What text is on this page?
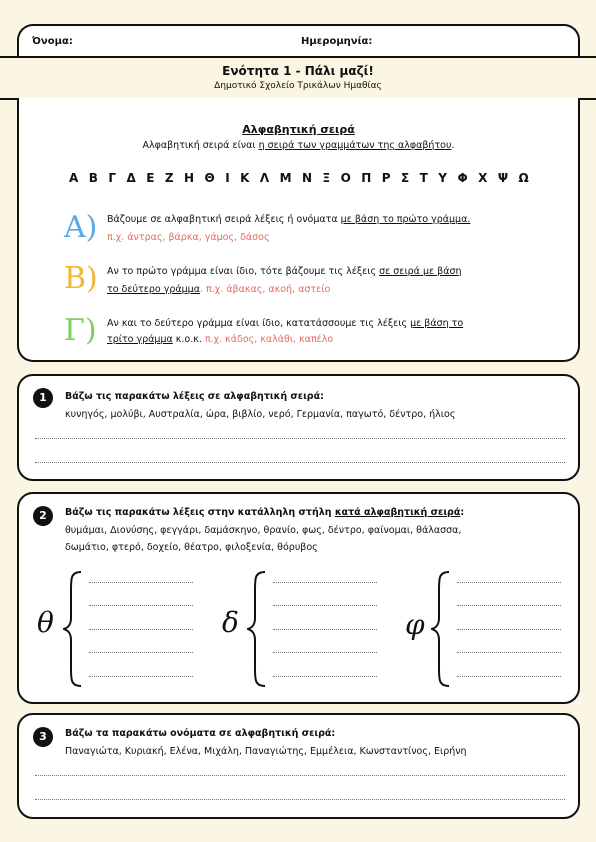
Όνομα:	Ημερομηνία:
Ενότητα 1 - Πάλι μαζί!
Δημοτικό Σχολείο Τρικάλων Ημαθίας
Αλφαβητική σειρά
Αλφαβητική σειρά είναι η σειρά των γραμμάτων της αλφαβήτου.
Α Β Γ Δ Ε Ζ Η Θ Ι Κ Λ Μ Ν Ξ Ο Π Ρ Σ Τ Υ Φ Χ Ψ Ω
Α) Βάζουμε σε αλφαβητική σειρά λέξεις ή ονόματα με βάση το πρώτο γράμμα.
π.χ. άντρας, βάρκα, γάμος, δάσος
Β) Αν το πρώτο γράμμα είναι ίδιο, τότε βάζουμε τις λέξεις σε σειρά με βάση
το δεύτερο γράμμα. π.χ. άβακας, ακοή, αστείο
Γ) Αν και το δεύτερο γράμμα είναι ίδιο, κατατάσσουμε τις λέξεις με βάση το
τρίτο γράμμα κ.ο.κ. π.χ. κάδος, καλάθι, καπέλο
1	Βάζω τις παρακάτω λέξεις σε αλφαβητική σειρά:
κυνηγός, μολύβι, Αυστραλία, ώρα, βιβλίο, νερό, Γερμανία, παγωτό, δέντρο, ήλιος
2	Βάζω τις παρακάτω λέξεις στην κατάλληλη στήλη κατά αλφαβητική σειρά:
θυμάμαι, Διονύσης, φεγγάρι, δαμάσκηνο, θρανίο, φως, δέντρο, φαίνομαι, θάλασσα,
δωμάτιο, φτερό, δοχείο, θέατρο, φιλοξενία, θόρυβος
θ	δ	φ
3	Βάζω τα παρακάτω ονόματα σε αλφαβητική σειρά:
Παναγιώτα, Κυριακή, Ελένα, Μιχάλη, Παναγιώτης, Εμμέλεια, Κωνσταντίνος, Ειρήνη
